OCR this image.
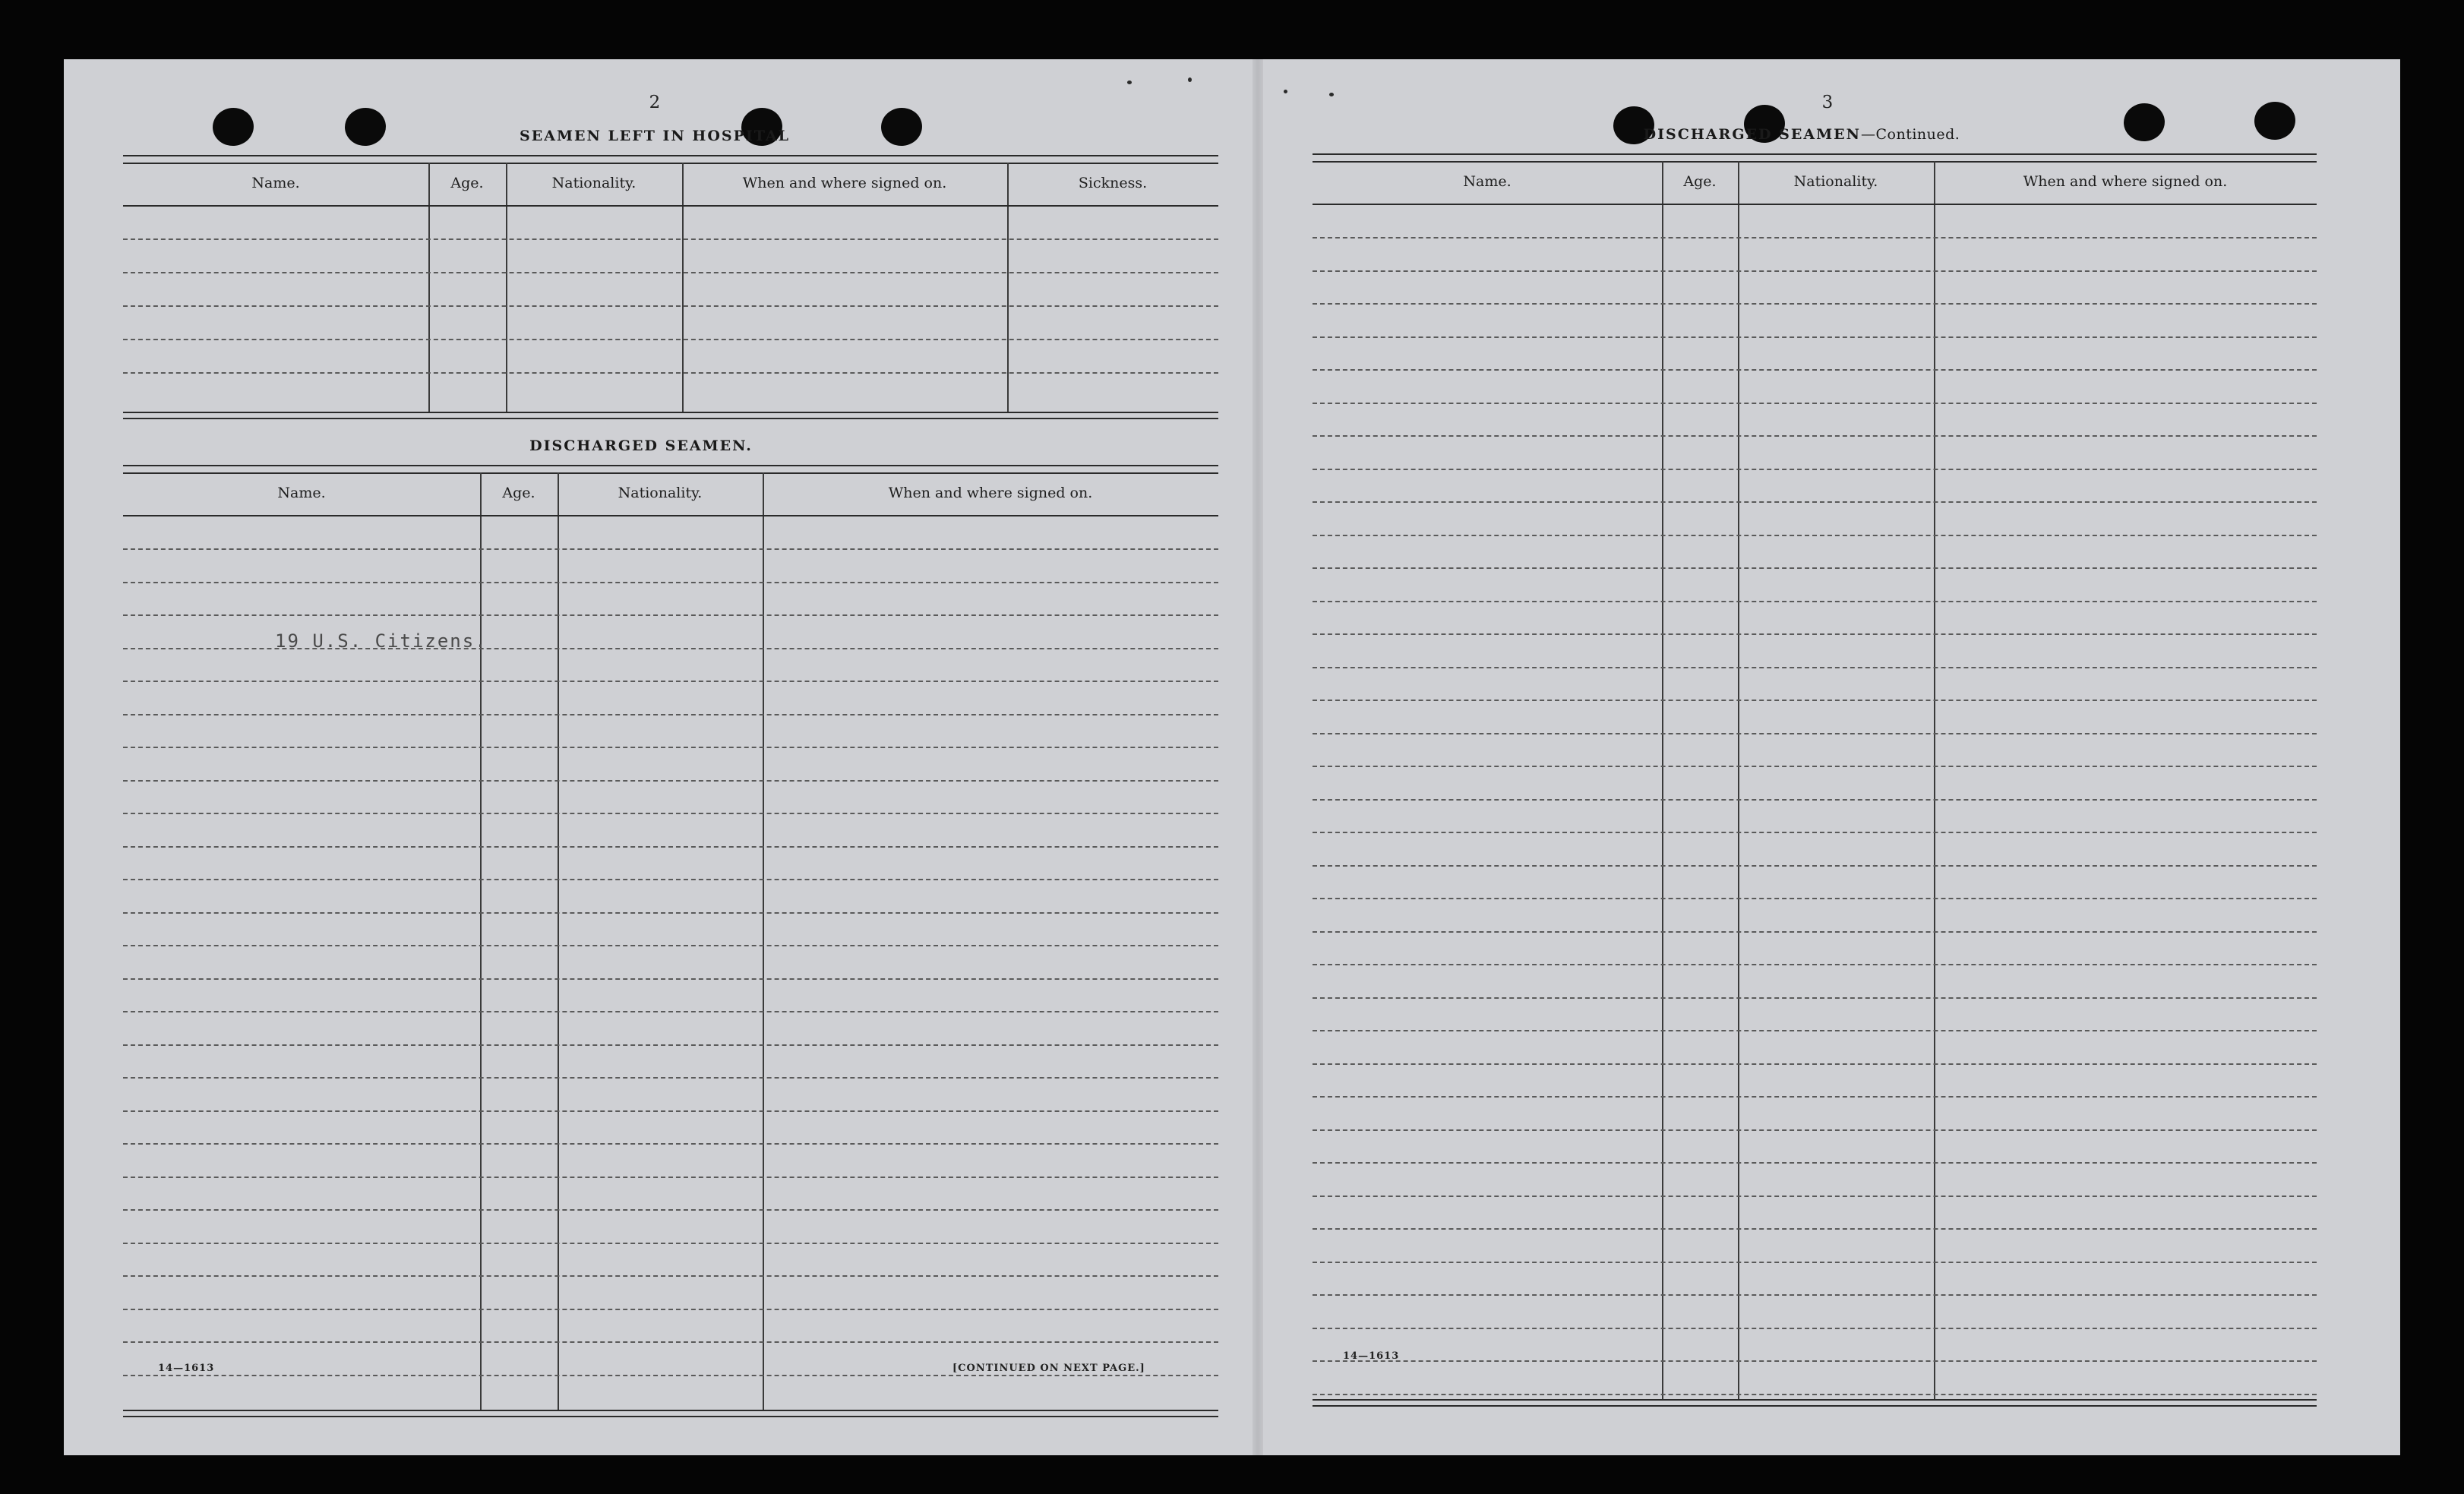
2
SEAMEN LEFT IN HOSPITAL
Name.	Age.	Nationality.	When and where signed on.	Sickness.
DISCHARGED SEAMEN.
Name.	Age.	Nationality.	When and where signed on.
19 U.S. Citizens.
14—1613	[CONTINUED ON NEXT PAGE.]
3
DISCHARGED SEAMEN—Continued.
Name.	Age.	Nationality.	When and where signed on.
14—1613
